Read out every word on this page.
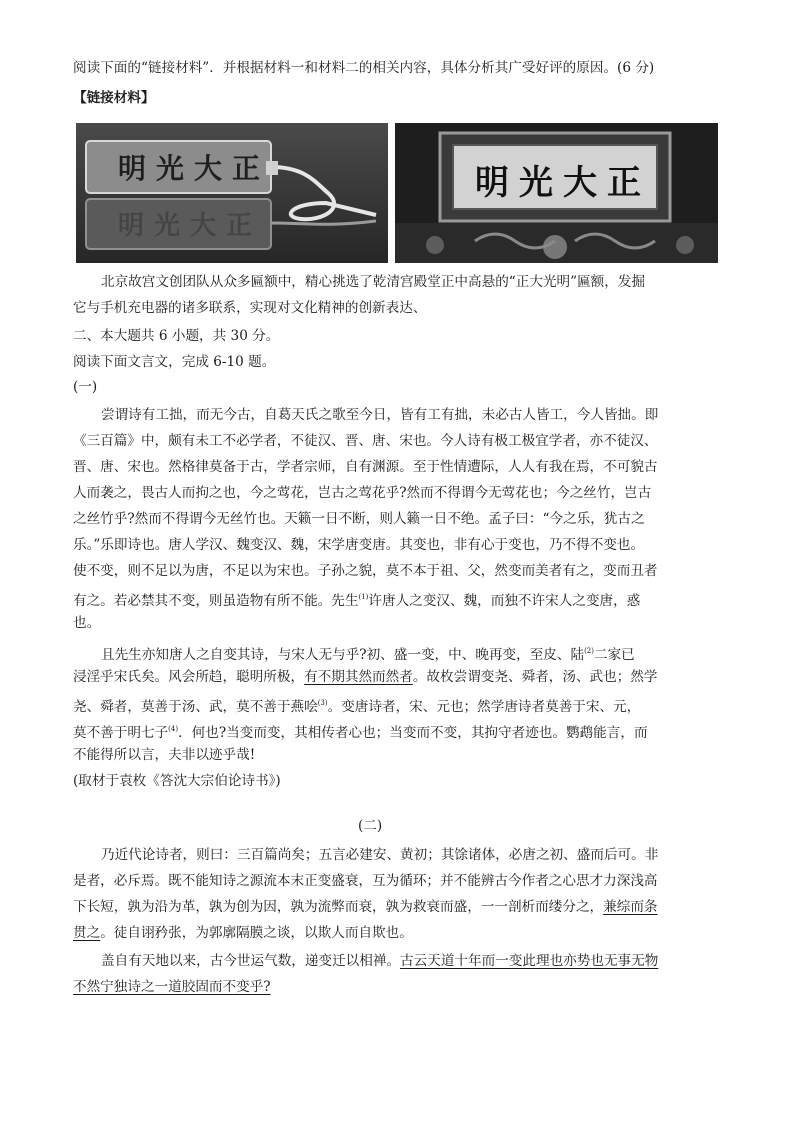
阅读下面的“链接材料”．并根据材料一和材料二的相关内容，具体分析其广受好评的原因。(6 分)
【链接材料】
明光大正
明光大正
明光大正
北京故宫文创团队从众多匾额中，精心挑选了乾清宫殿堂正中高悬的“正大光明”匾额，发掘
它与手机充电器的诸多联系，实现对文化精神的创新表达、
二、本大题共 6 小题，共 30 分。
阅读下面文言文，完成 6-10 题。
(一)
尝谓诗有工拙，而无今古，自葛天氏之歌至今日，皆有工有拙，未必古人皆工，今人皆拙。即
《三百篇》中，颇有未工不必学者，不徒汉、晋、唐、宋也。今人诗有极工极宜学者，亦不徒汉、
晋、唐、宋也。然格律莫备于古，学者宗师，自有渊源。至于性情遭际，人人有我在焉，不可貌古
人而袭之，畏古人而拘之也，今之莺花，岂古之莺花乎?然而不得谓今无莺花也；今之丝竹，岂古
之丝竹乎?然而不得谓今无丝竹也。天籁一日不断，则人籁一日不绝。孟子曰：“今之乐，犹古之
乐。”乐即诗也。唐人学汉、魏变汉、魏，宋学唐变唐。其变也，非有心于变也，乃不得不变也。
使不变，则不足以为唐，不足以为宋也。子孙之貌，莫不本于祖、父，然变而美者有之，变而丑者
有之。若必禁其不变，则虽造物有所不能。先生$^{(1)}$许唐人之变汉、魏，而独不许宋人之变唐，惑
也。
且先生亦知唐人之自变其诗，与宋人无与乎?初、盛一变，中、晚再变，至皮、陆$^{(2)}$二家已
浸淫乎宋氏矣。风会所趋，聪明所极，有不期其然而然者。故枚尝谓变尧、舜者，汤、武也；然学
尧、舜者，莫善于汤、武，莫不善于燕哙$^{(3)}$。变唐诗者，宋、元也；然学唐诗者莫善于宋、元，
莫不善于明七子$^{(4)}$．何也?当变而变，其相传者心也；当变而不变，其拘守者迹也。鹦鹉能言，而
不能得所以言，夫非以迹乎哉!
(取材于袁枚《答沈大宗伯论诗书》)
(二)
乃近代论诗者，则曰：三百篇尚矣；五言必建安、黄初；其馀诸体，必唐之初、盛而后可。非
是者，必斥焉。既不能知诗之源流本末正变盛衰，互为循环；并不能辨古今作者之心思才力深浅高
下长短，孰为沿为革，孰为创为因，孰为流弊而衰，孰为救衰而盛，一一剖析而缕分之，兼综而条
贯之。徒自诩矜张，为郭廓隔膜之谈，以欺人而自欺也。
盖自有天地以来，古今世运气数，递变迁以相禅。古云天道十年而一变此理也亦势也无事无物
不然宁独诗之一道胶固而不变乎?
